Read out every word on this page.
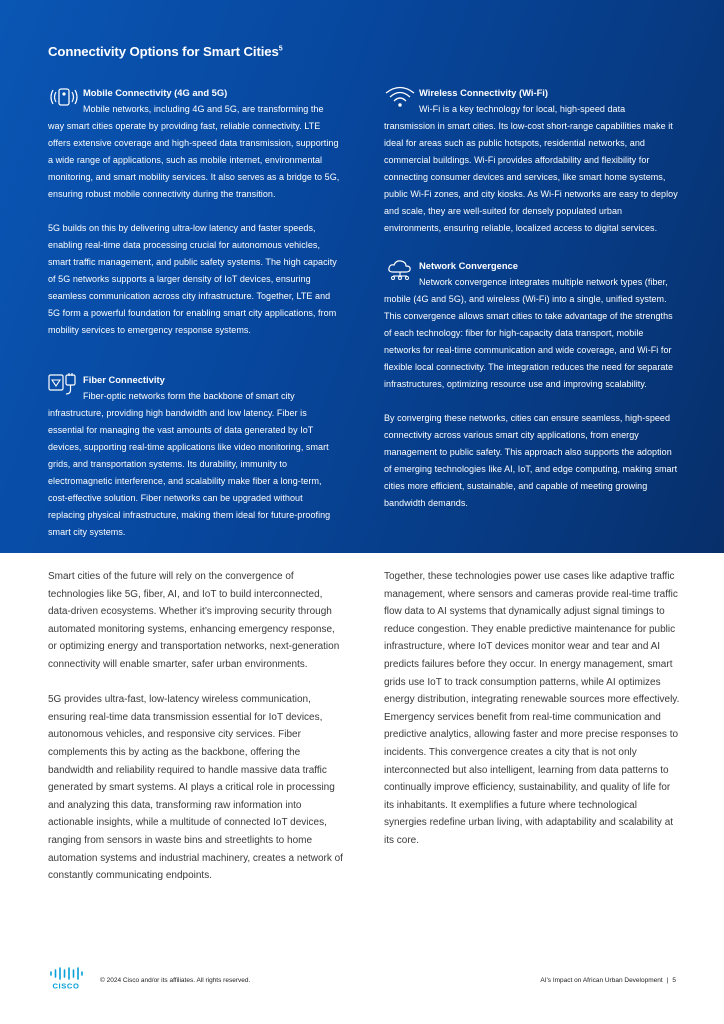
Connectivity Options for Smart Cities$^5$
Mobile Connectivity (4G and 5G)

Mobile networks, including 4G and 5G, are transforming the way smart cities operate by providing fast, reliable connectivity. LTE offers extensive coverage and high-speed data transmission, supporting a wide range of applications, such as mobile internet, environmental monitoring, and smart mobility services. It also serves as a bridge to 5G, ensuring robust mobile connectivity during the transition.

5G builds on this by delivering ultra-low latency and faster speeds, enabling real-time data processing crucial for autonomous vehicles, smart traffic management, and public safety systems. The high capacity of 5G networks supports a larger density of IoT devices, ensuring seamless communication across city infrastructure. Together, LTE and 5G form a powerful foundation for enabling smart city applications, from mobility services to emergency response systems.

Fiber Connectivity

Fiber-optic networks form the backbone of smart city infrastructure, providing high bandwidth and low latency. Fiber is essential for managing the vast amounts of data generated by IoT devices, supporting real-time applications like video monitoring, smart grids, and transportation systems. Its durability, immunity to electromagnetic interference, and scalability make fiber a long-term, cost-effective solution. Fiber networks can be upgraded without replacing physical infrastructure, making them ideal for future-proofing smart city systems.

Wireless Connectivity (Wi-Fi)

Wi-Fi is a key technology for local, high-speed data transmission in smart cities. Its low-cost short-range capabilities make it ideal for areas such as public hotspots, residential networks, and commercial buildings. Wi-Fi provides affordability and flexibility for connecting consumer devices and services, like smart home systems, public Wi-Fi zones, and city kiosks. As Wi-Fi networks are easy to deploy and scale, they are well-suited for densely populated urban environments, ensuring reliable, localized access to digital services.

Network Convergence

Network convergence integrates multiple network types (fiber, mobile (4G and 5G), and wireless (Wi-Fi) into a single, unified system. This convergence allows smart cities to take advantage of the strengths of each technology: fiber for high-capacity data transport, mobile networks for real-time communication and wide coverage, and Wi-Fi for flexible local connectivity. The integration reduces the need for separate infrastructures, optimizing resource use and improving scalability.

By converging these networks, cities can ensure seamless, high-speed connectivity across various smart city applications, from energy management to public safety. This approach also supports the adoption of emerging technologies like AI, IoT, and edge computing, making smart cities more efficient, sustainable, and capable of meeting growing bandwidth demands.

Smart cities of the future will rely on the convergence of technologies like 5G, fiber, AI, and IoT to build interconnected, data-driven ecosystems. Whether it’s improving security through automated monitoring systems, enhancing emergency response, or optimizing energy and transportation networks, next-generation connectivity will enable smarter, safer urban environments.

5G provides ultra-fast, low-latency wireless communication, ensuring real-time data transmission essential for IoT devices, autonomous vehicles, and responsive city services. Fiber complements this by acting as the backbone, offering the bandwidth and reliability required to handle massive data traffic generated by smart systems. AI plays a critical role in processing and analyzing this data, transforming raw information into actionable insights, while a multitude of connected IoT devices, ranging from sensors in waste bins and streetlights to home automation systems and industrial machinery, creates a network of constantly communicating endpoints.

Together, these technologies power use cases like adaptive traffic management, where sensors and cameras provide real-time traffic flow data to AI systems that dynamically adjust signal timings to reduce congestion. They enable predictive maintenance for public infrastructure, where IoT devices monitor wear and tear and AI predicts failures before they occur. In energy management, smart grids use IoT to track consumption patterns, while AI optimizes energy distribution, integrating renewable sources more effectively. Emergency services benefit from real-time communication and predictive analytics, allowing faster and more precise responses to incidents. This convergence creates a city that is not only interconnected but also intelligent, learning from data patterns to continually improve efficiency, sustainability, and quality of life for its inhabitants. It exemplifies a future where technological synergies redefine urban living, with adaptability and scalability at its core.

CISCO
© 2024 Cisco and/or its affiliates. All rights reserved.	AI’s Impact on African Urban Development | 5
